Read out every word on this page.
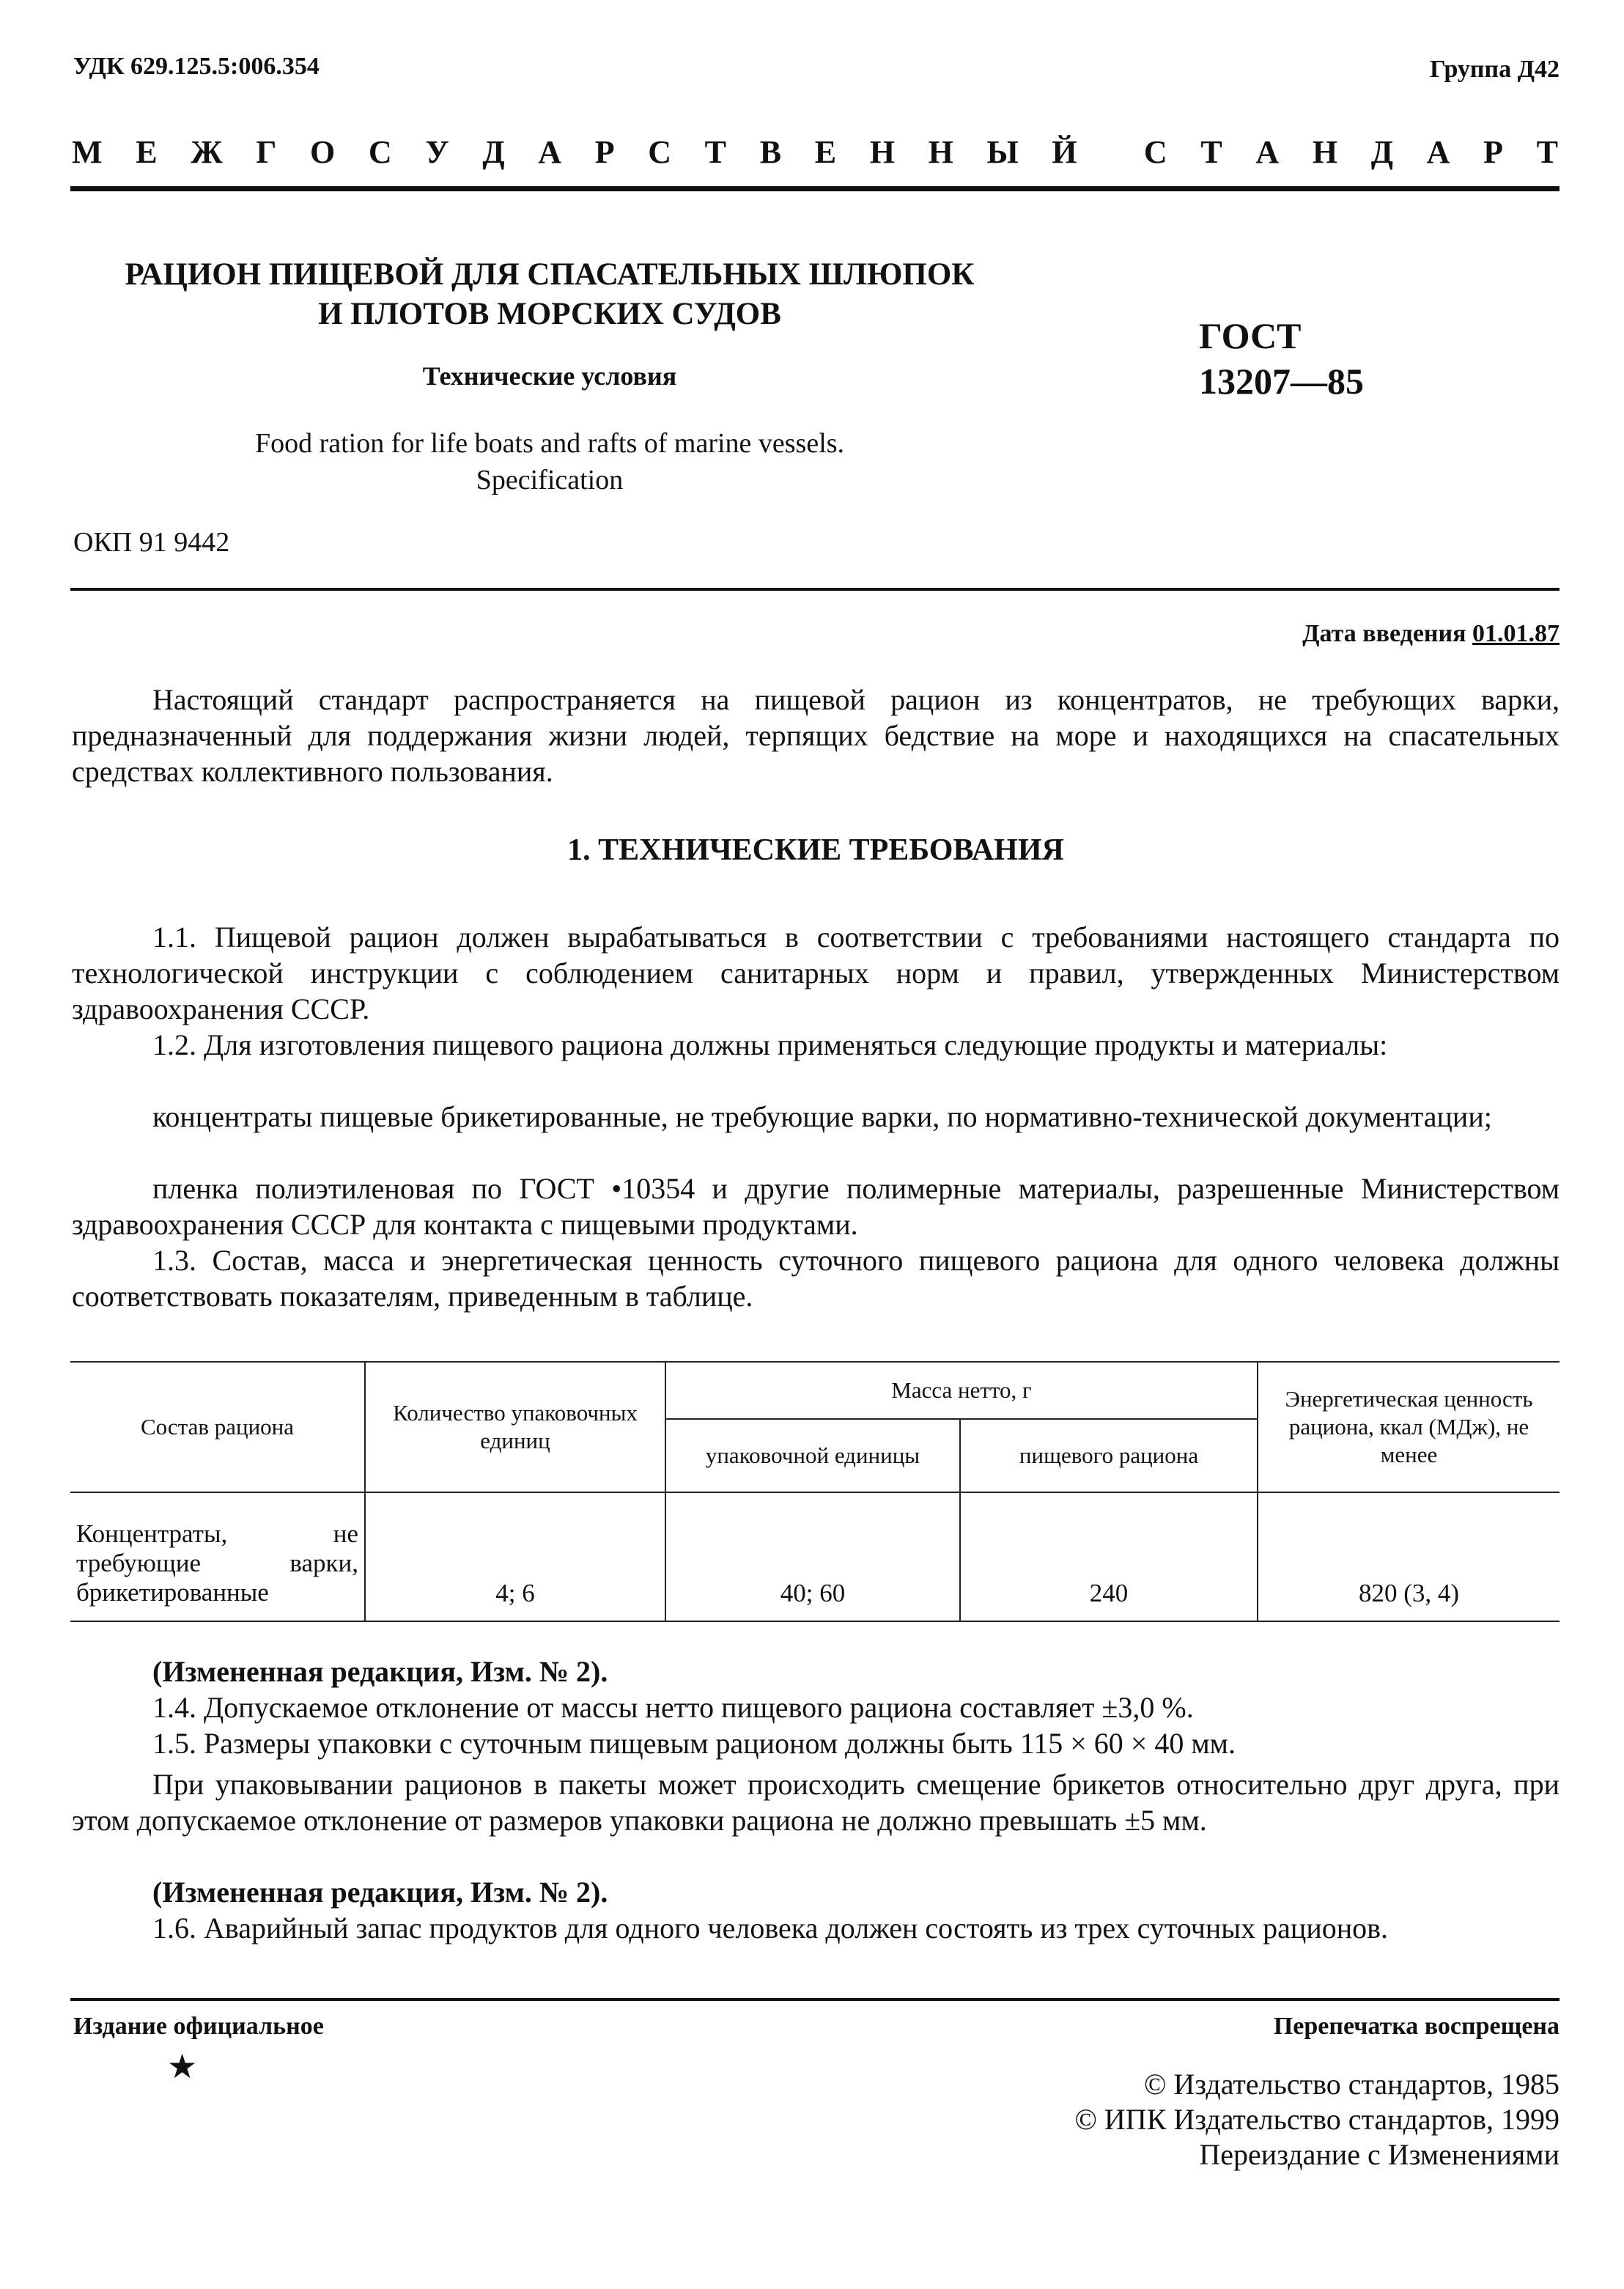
УДК 629.125.5:006.354	Группа Д42
М Е Ж Г О С У Д А Р С Т В Е Н Н Ы Й С Т А Н Д А Р Т
РАЦИОН ПИЩЕВОЙ ДЛЯ СПАСАТЕЛЬНЫХ ШЛЮПОК
И ПЛОТОВ МОРСКИХ СУДОВ
Технические условия
Food ration for life boats and rafts of marine vessels.
Specification
ГОСТ
13207—85
ОКП 91 9442
Дата введения 01.01.87
Настоящий стандарт распространяется на пищевой рацион из концентратов, не требующих варки, предназначенный для поддержания жизни людей, терпящих бедствие на море и находящихся на спасательных средствах коллективного пользования.
1. ТЕХНИЧЕСКИЕ ТРЕБОВАНИЯ
1.1. Пищевой рацион должен вырабатываться в соответствии с требованиями настоящего стандарта по технологической инструкции с соблюдением санитарных норм и правил, утвержденных Министерством здравоохранения СССР.
1.2. Для изготовления пищевого рациона должны применяться следующие продукты и материалы:
концентраты пищевые брикетированные, не требующие варки, по нормативно-технической документации;
пленка полиэтиленовая по ГОСТ •10354 и другие полимерные материалы, разрешенные Министерством здравоохранения СССР для контакта с пищевыми продуктами.
1.3. Состав, масса и энергетическая ценность суточного пищевого рациона для одного человека должны соответствовать показателям, приведенным в таблице.
Состав рациона	Количество упаковочных единиц	Масса нетто, г		Энергетическая ценность рациона, ккал (МДж), не менее
		упаковочной единицы	пищевого рациона	
Концентраты, не требующие варки, брикетированные	4; 6	40; 60	240	820 (3, 4)
(Измененная редакция, Изм. № 2).
1.4. Допускаемое отклонение от массы нетто пищевого рациона составляет ±3,0 %.
1.5. Размеры упаковки с суточным пищевым рационом должны быть 115 × 60 × 40 мм.
При упаковывании рационов в пакеты может происходить смещение брикетов относительно друг друга, при этом допускаемое отклонение от размеров упаковки рациона не должно превышать ±5 мм.
(Измененная редакция, Изм. № 2).
1.6. Аварийный запас продуктов для одного человека должен состоять из трех суточных рационов.
Издание официальное	Перепечатка воспрещена
★	© Издательство стандартов, 1985
© ИПК Издательство стандартов, 1999
Переиздание с Изменениями
